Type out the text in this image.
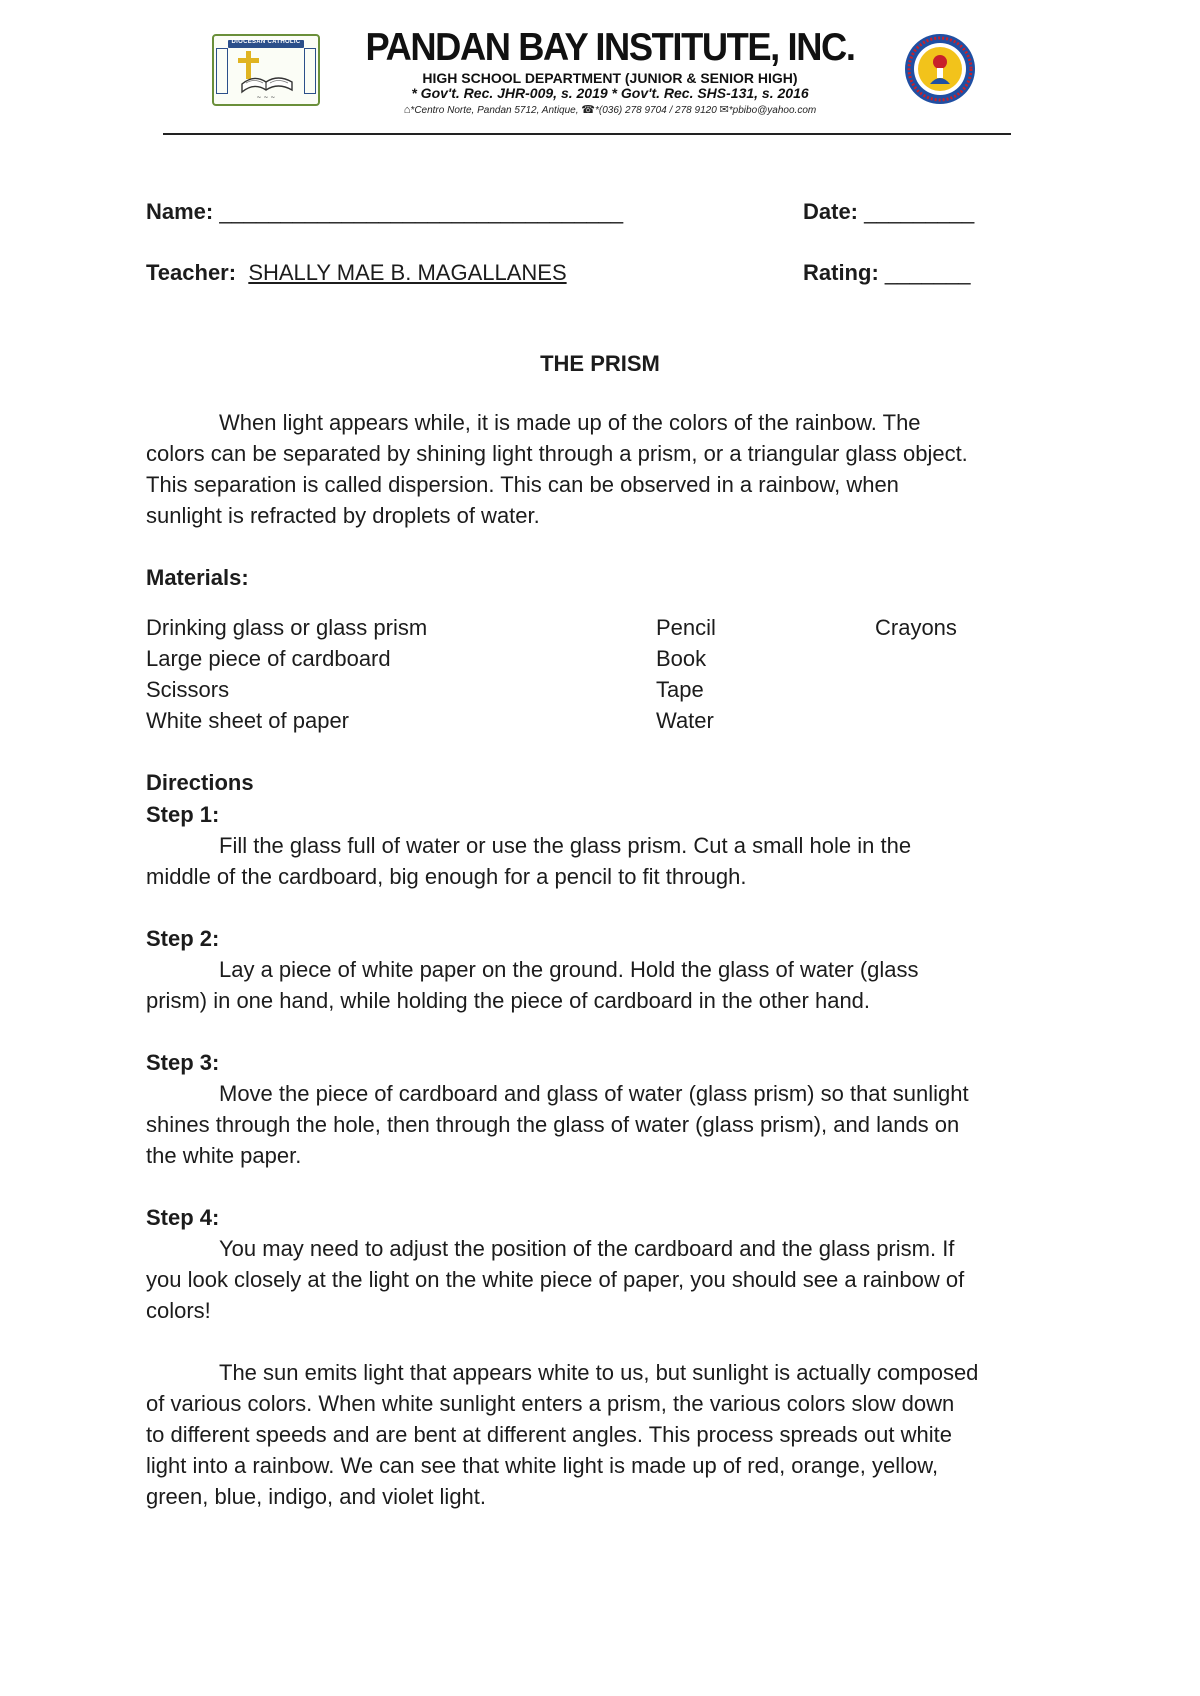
DIOCESAN CATHOLIC
~ ~ ~
PANDAN BAY INSTITUTE, INC.
HIGH SCHOOL DEPARTMENT (JUNIOR & SENIOR HIGH)
* Gov't. Rec. JHR-009, s. 2019 * Gov't. Rec. SHS-131, s. 2016
⌂*Centro Norte, Pandan 5712, Antique, ☎*(036) 278 9704 / 278 9120 ✉*pbibo@yahoo.com
Name: _________________________________	Date: _________
Teacher: SHALLY MAE B. MAGALLANES	Rating: _______
THE PRISM
When light appears while, it is made up of the colors of the rainbow. The
colors can be separated by shining light through a prism, or a triangular glass object.
This separation is called dispersion. This can be observed in a rainbow, when
sunlight is refracted by droplets of water.
Materials:
Drinking glass or glass prism
Large piece of cardboard
Scissors
White sheet of paper
Pencil
Book
Tape
Water
Crayons
Directions
Step 1:
Fill the glass full of water or use the glass prism. Cut a small hole in the
middle of the cardboard, big enough for a pencil to fit through.
Step 2:
Lay a piece of white paper on the ground. Hold the glass of water (glass
prism) in one hand, while holding the piece of cardboard in the other hand.
Step 3:
Move the piece of cardboard and glass of water (glass prism) so that sunlight
shines through the hole, then through the glass of water (glass prism), and lands on
the white paper.
Step 4:
You may need to adjust the position of the cardboard and the glass prism. If
you look closely at the light on the white piece of paper, you should see a rainbow of
colors!
The sun emits light that appears white to us, but sunlight is actually composed
of various colors. When white sunlight enters a prism, the various colors slow down
to different speeds and are bent at different angles. This process spreads out white
light into a rainbow. We can see that white light is made up of red, orange, yellow,
green, blue, indigo, and violet light.
